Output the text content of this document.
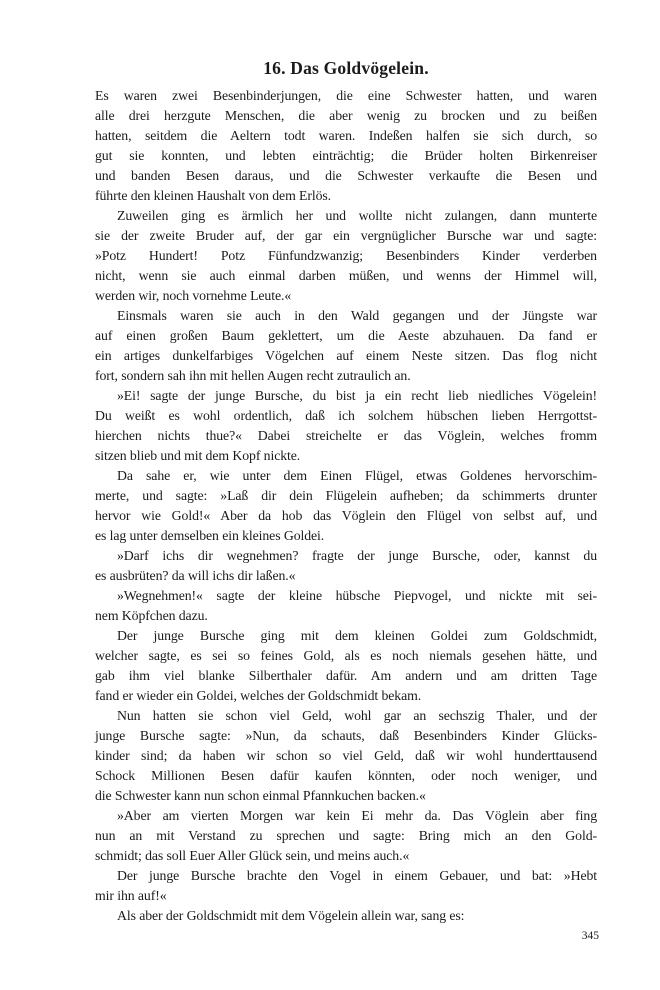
16. Das Goldvögelein.
Es waren zwei Besenbinderjungen, die eine Schwester hatten, und waren
alle drei herzgute Menschen, die aber wenig zu brocken und zu beißen
hatten, seitdem die Aeltern todt waren. Indeßen halfen sie sich durch, so
gut sie konnten, und lebten einträchtig; die Brüder holten Birkenreiser
und banden Besen daraus, und die Schwester verkaufte die Besen und
führte den kleinen Haushalt von dem Erlös.
Zuweilen ging es ärmlich her und wollte nicht zulangen, dann munterte
sie der zweite Bruder auf, der gar ein vergnüglicher Bursche war und sagte:
»Potz Hundert! Potz Fünfundzwanzig; Besenbinders Kinder verderben
nicht, wenn sie auch einmal darben müßen, und wenns der Himmel will,
werden wir, noch vornehme Leute.«
Einsmals waren sie auch in den Wald gegangen und der Jüngste war
auf einen großen Baum geklettert, um die Aeste abzuhauen. Da fand er
ein artiges dunkelfarbiges Vögelchen auf einem Neste sitzen. Das flog nicht
fort, sondern sah ihn mit hellen Augen recht zutraulich an.
»Ei! sagte der junge Bursche, du bist ja ein recht lieb niedliches Vögelein!
Du weißt es wohl ordentlich, daß ich solchem hübschen lieben Herrgottst-
hierchen nichts thue?« Dabei streichelte er das Vöglein, welches fromm
sitzen blieb und mit dem Kopf nickte.
Da sahe er, wie unter dem Einen Flügel, etwas Goldenes hervorschim-
merte, und sagte: »Laß dir dein Flügelein aufheben; da schimmerts drunter
hervor wie Gold!« Aber da hob das Vöglein den Flügel von selbst auf, und
es lag unter demselben ein kleines Goldei.
»Darf ichs dir wegnehmen? fragte der junge Bursche, oder, kannst du
es ausbrüten? da will ichs dir laßen.«
»Wegnehmen!« sagte der kleine hübsche Piepvogel, und nickte mit sei-
nem Köpfchen dazu.
Der junge Bursche ging mit dem kleinen Goldei zum Goldschmidt,
welcher sagte, es sei so feines Gold, als es noch niemals gesehen hätte, und
gab ihm viel blanke Silberthaler dafür. Am andern und am dritten Tage
fand er wieder ein Goldei, welches der Goldschmidt bekam.
Nun hatten sie schon viel Geld, wohl gar an sechszig Thaler, und der
junge Bursche sagte: »Nun, da schauts, daß Besenbinders Kinder Glücks-
kinder sind; da haben wir schon so viel Geld, daß wir wohl hunderttausend
Schock Millionen Besen dafür kaufen könnten, oder noch weniger, und
die Schwester kann nun schon einmal Pfannkuchen backen.«
»Aber am vierten Morgen war kein Ei mehr da. Das Vöglein aber fing
nun an mit Verstand zu sprechen und sagte: Bring mich an den Gold-
schmidt; das soll Euer Aller Glück sein, und meins auch.«
Der junge Bursche brachte den Vogel in einem Gebauer, und bat: »Hebt
mir ihn auf!«
Als aber der Goldschmidt mit dem Vögelein allein war, sang es:
345
